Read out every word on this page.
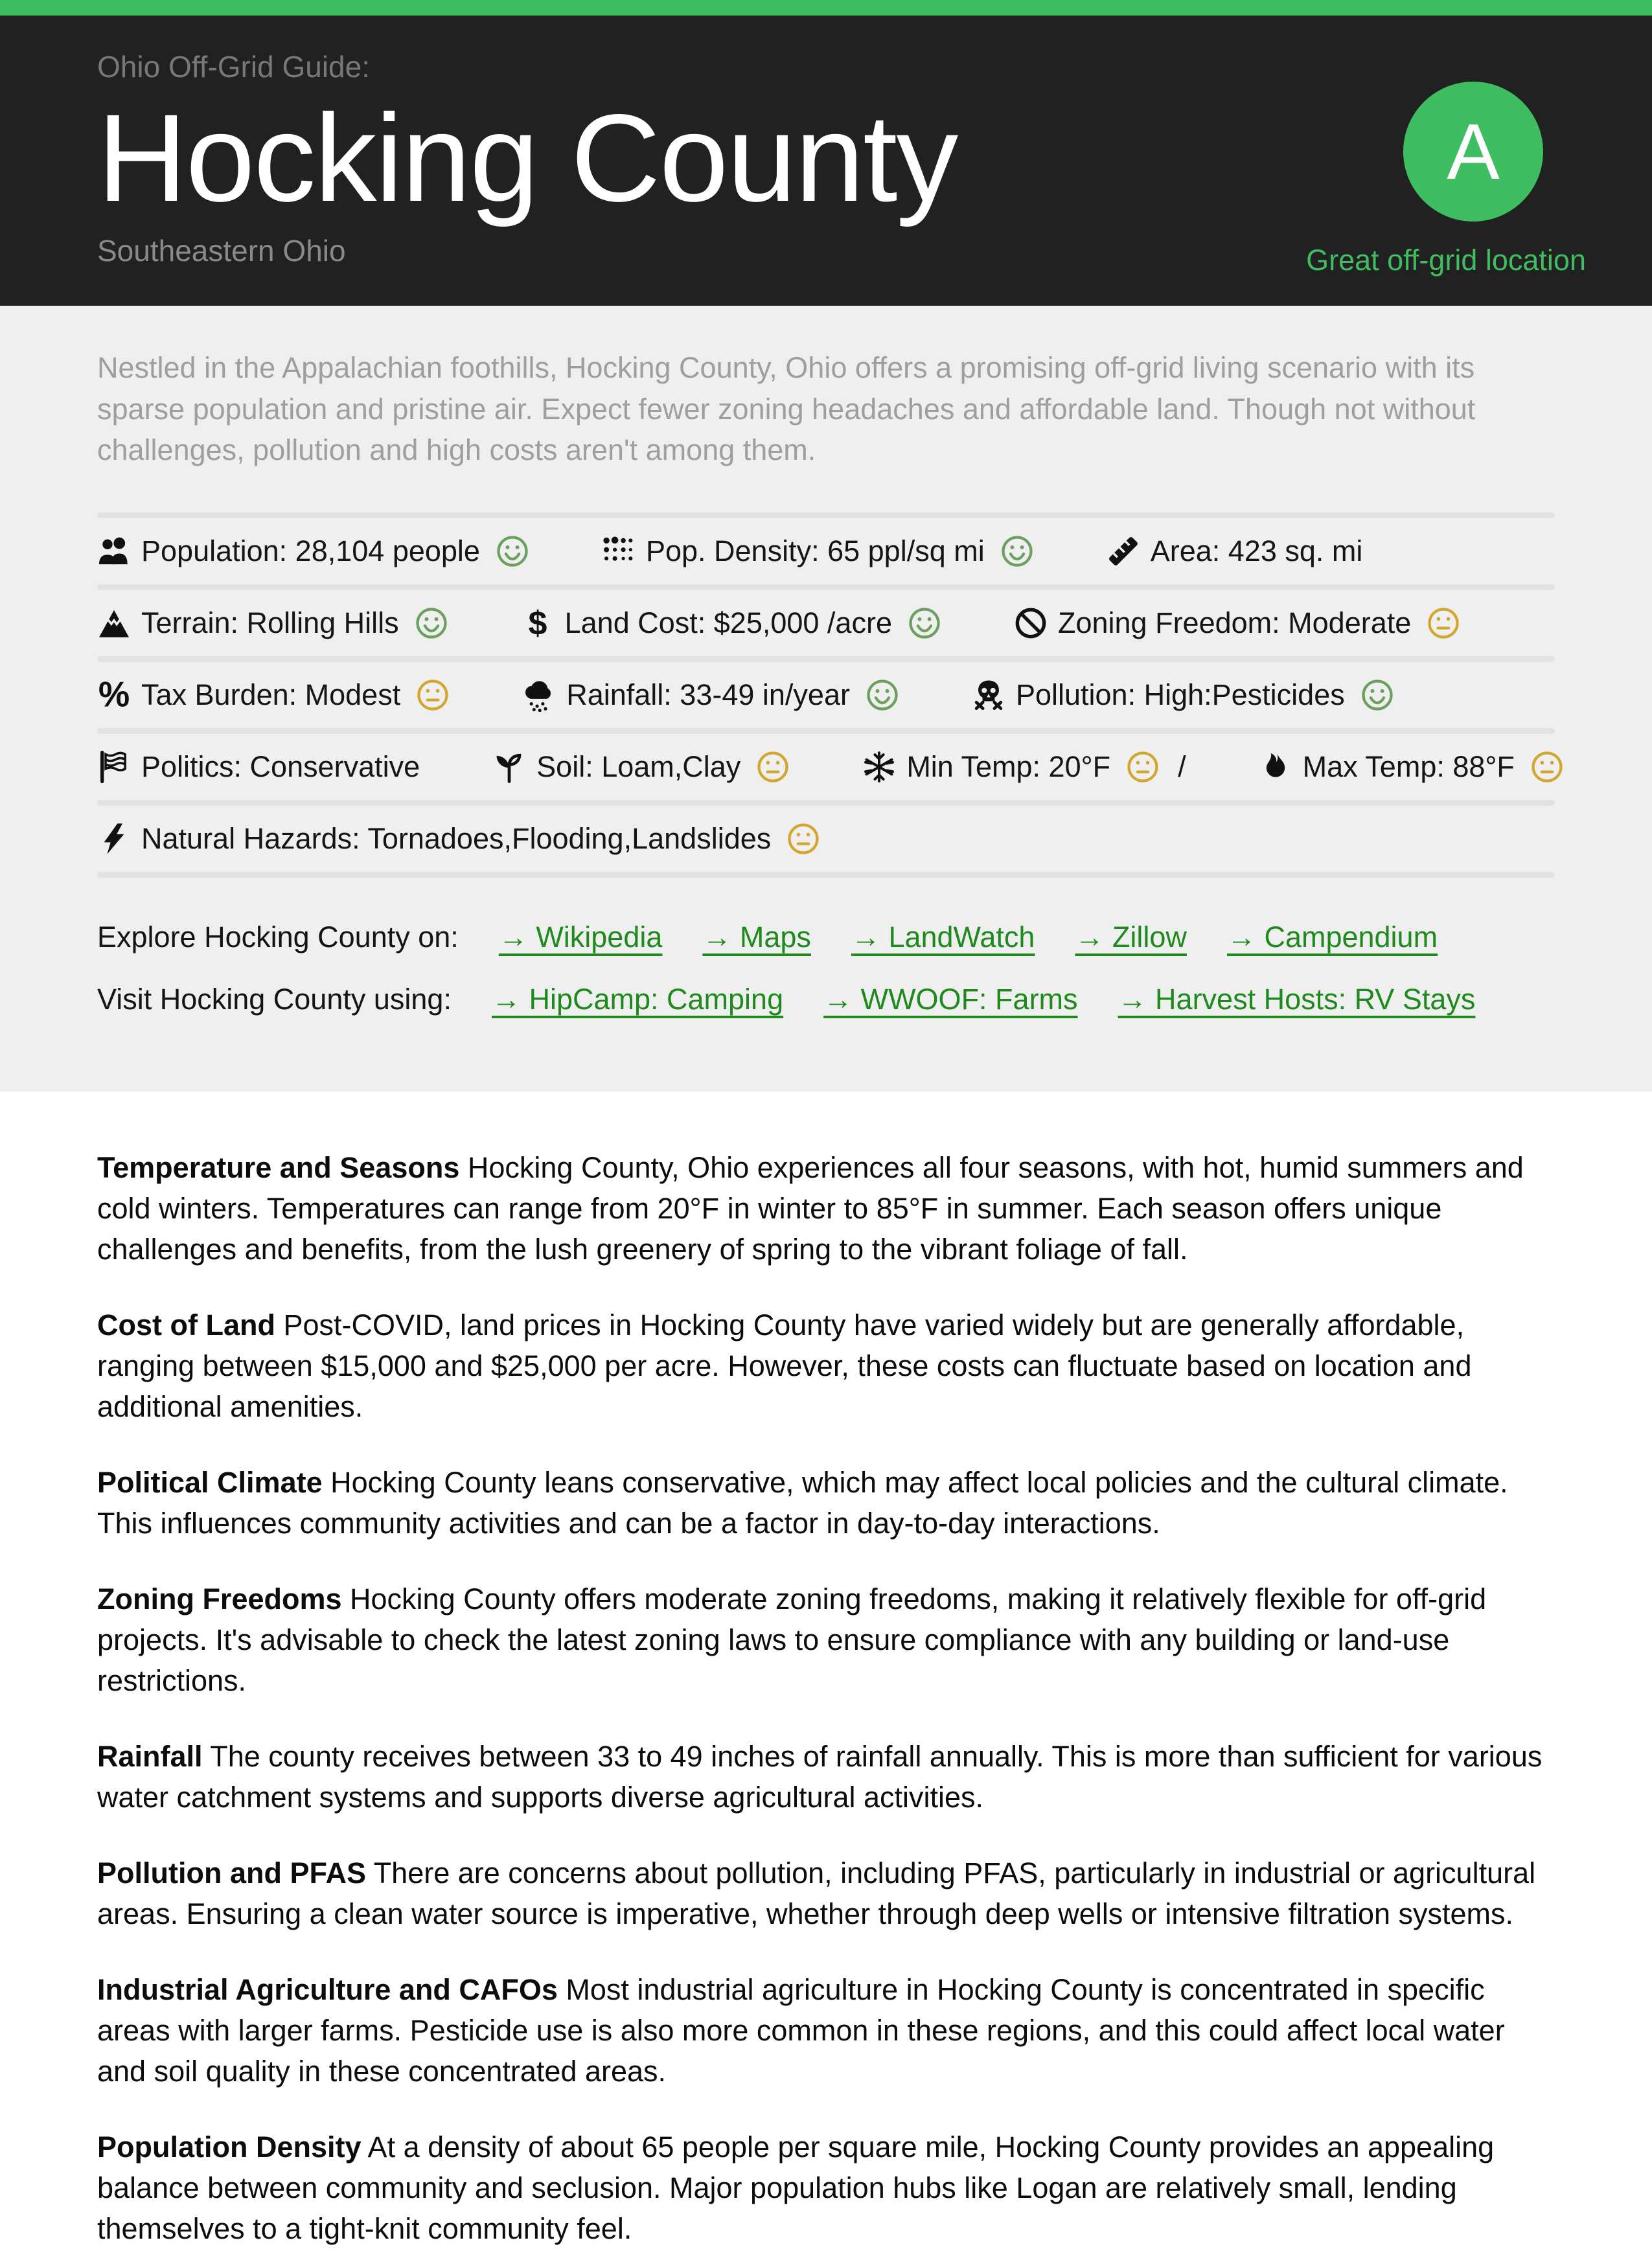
Ohio Off-Grid Guide:

Hocking County

Southeastern Ohio

A
Great off-grid location

Nestled in the Appalachian foothills, Hocking County, Ohio offers a promising off-grid living scenario with its sparse population and pristine air. Expect fewer zoning headaches and affordable land. Though not without challenges, pollution and high costs aren't among them.

Population: 28,104 people	Pop. Density: 65 ppl/sq mi	Area: 423 sq. mi
Terrain: Rolling Hills	$ Land Cost: $25,000 /acre	Zoning Freedom: Moderate
% Tax Burden: Modest	Rainfall: 33-49 in/year	Pollution: High:Pesticides
Politics: Conservative	Soil: Loam,Clay	Min Temp: 20°F /	Max Temp: 88°F
Natural Hazards: Tornadoes,Flooding,Landslides
Explore Hocking County on: → Wikipedia → Maps → LandWatch → Zillow → Campendium
Visit Hocking County using: → HipCamp: Camping → WWOOF: Farms → Harvest Hosts: RV Stays

Temperature and Seasons Hocking County, Ohio experiences all four seasons, with hot, humid summers and cold winters. Temperatures can range from 20°F in winter to 85°F in summer. Each season offers unique challenges and benefits, from the lush greenery of spring to the vibrant foliage of fall.

Cost of Land Post-COVID, land prices in Hocking County have varied widely but are generally affordable, ranging between $15,000 and $25,000 per acre. However, these costs can fluctuate based on location and additional amenities.

Political Climate Hocking County leans conservative, which may affect local policies and the cultural climate. This influences community activities and can be a factor in day-to-day interactions.

Zoning Freedoms Hocking County offers moderate zoning freedoms, making it relatively flexible for off-grid projects. It's advisable to check the latest zoning laws to ensure compliance with any building or land-use restrictions.

Rainfall The county receives between 33 to 49 inches of rainfall annually. This is more than sufficient for various water catchment systems and supports diverse agricultural activities.

Pollution and PFAS There are concerns about pollution, including PFAS, particularly in industrial or agricultural areas. Ensuring a clean water source is imperative, whether through deep wells or intensive filtration systems.

Industrial Agriculture and CAFOs Most industrial agriculture in Hocking County is concentrated in specific areas with larger farms. Pesticide use is also more common in these regions, and this could affect local water and soil quality in these concentrated areas.

Population Density At a density of about 65 people per square mile, Hocking County provides an appealing balance between community and seclusion. Major population hubs like Logan are relatively small, lending themselves to a tight-knit community feel.
